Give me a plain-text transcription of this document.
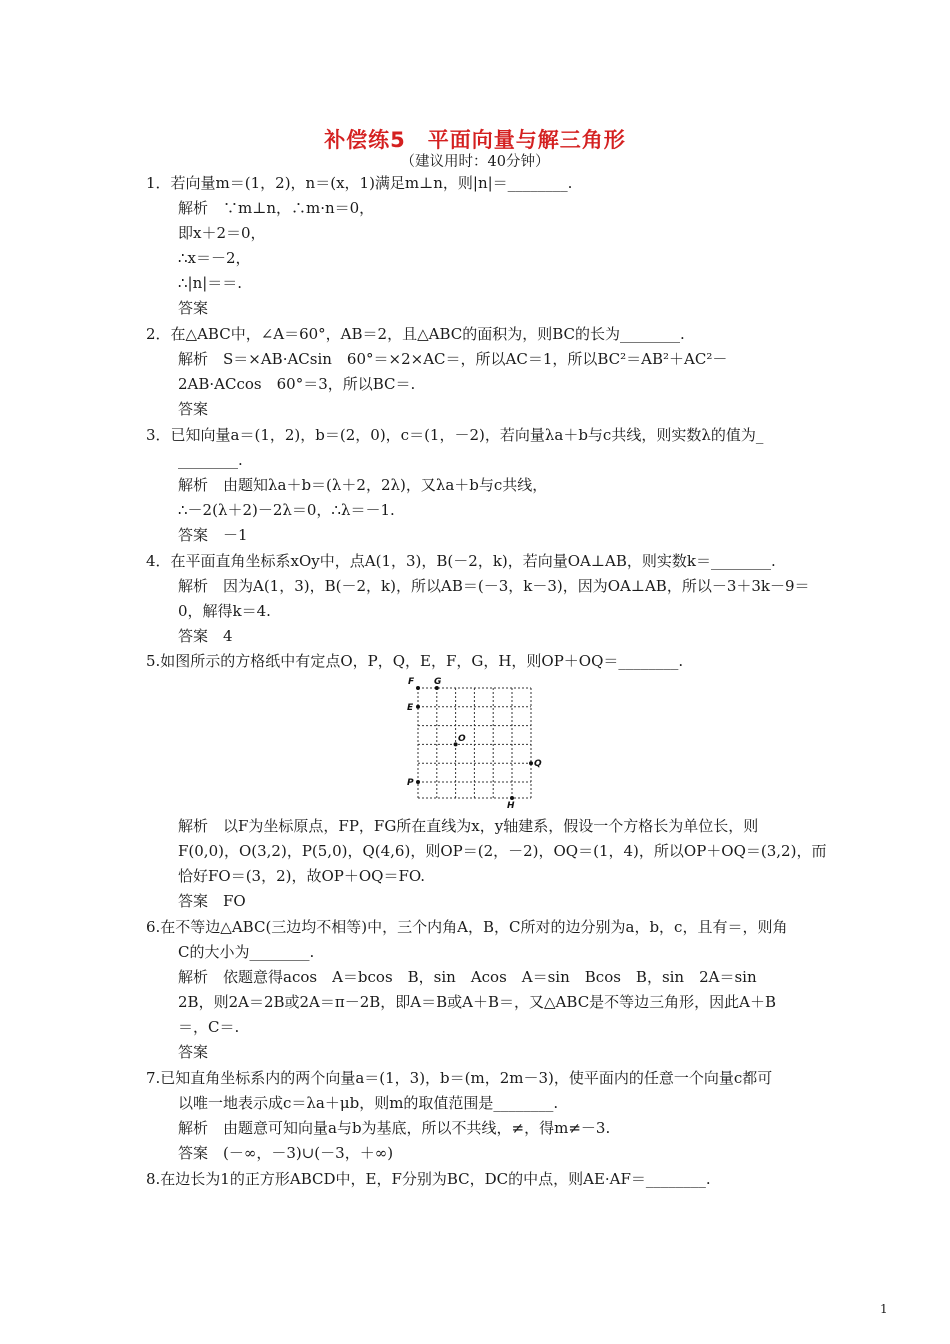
补偿练5　平面向量与解三角形
（建议用时：40分钟）
1．若向量m＝(1，2)，n＝(x，1)满足m⊥n，则|n|＝________.
解析　∵m⊥n，∴m·n＝0，
即x＋2＝0，
∴x＝－2，
∴|n|＝＝.
答案
2．在△ABC中，∠A＝60°，AB＝2，且△ABC的面积为，则BC的长为________.
解析　S＝×AB·ACsin　60°＝×2×AC＝，所以AC＝1，所以BC²＝AB²＋AC²－
2AB·ACcos　60°＝3，所以BC＝.
答案
3．已知向量a＝(1，2)，b＝(2，0)，c＝(1，－2)，若向量λa＋b与c共线，则实数λ的值为_
________.
解析　由题知λa＋b＝(λ＋2，2λ)，又λa＋b与c共线，
∴－2(λ＋2)－2λ＝0，∴λ＝－1.
答案　－1
4．在平面直角坐标系xOy中，点A(1，3)，B(－2，k)，若向量OA⊥AB，则实数k＝________.
解析　因为A(1，3)，B(－2，k)，所以AB＝(－3，k－3)，因为OA⊥AB，所以－3＋3k－9＝
0，解得k＝4.
答案　4
5.如图所示的方格纸中有定点O，P，Q，E，F，G，H，则OP＋OQ＝________.
解析　以F为坐标原点，FP，FG所在直线为x，y轴建系，假设一个方格长为单位长，则
F(0,0)，O(3,2)，P(5,0)，Q(4,6)，则OP＝(2，－2)，OQ＝(1，4)，所以OP＋OQ＝(3,2)，而
恰好FO＝(3，2)，故OP＋OQ＝FO.
答案　FO
6.在不等边△ABC(三边均不相等)中，三个内角A，B，C所对的边分别为a，b，c，且有＝，则角
C的大小为________.
解析　依题意得acos　A＝bcos　B，sin　Acos　A＝sin　Bcos　B，sin　2A＝sin
2B，则2A＝2B或2A＝π－2B，即A＝B或A＋B＝，又△ABC是不等边三角形，因此A＋B
＝，C＝.
答案
7.已知直角坐标系内的两个向量a＝(1，3)，b＝(m，2m－3)，使平面内的任意一个向量c都可
以唯一地表示成c＝λa＋μb，则m的取值范围是________.
解析　由题意可知向量a与b为基底，所以不共线，≠，得m≠－3.
答案　(－∞，－3)∪(－3，＋∞)
8.在边长为1的正方形ABCD中，E，F分别为BC，DC的中点，则AE·AF＝________.
F G
E
O
Q
P
H
1
